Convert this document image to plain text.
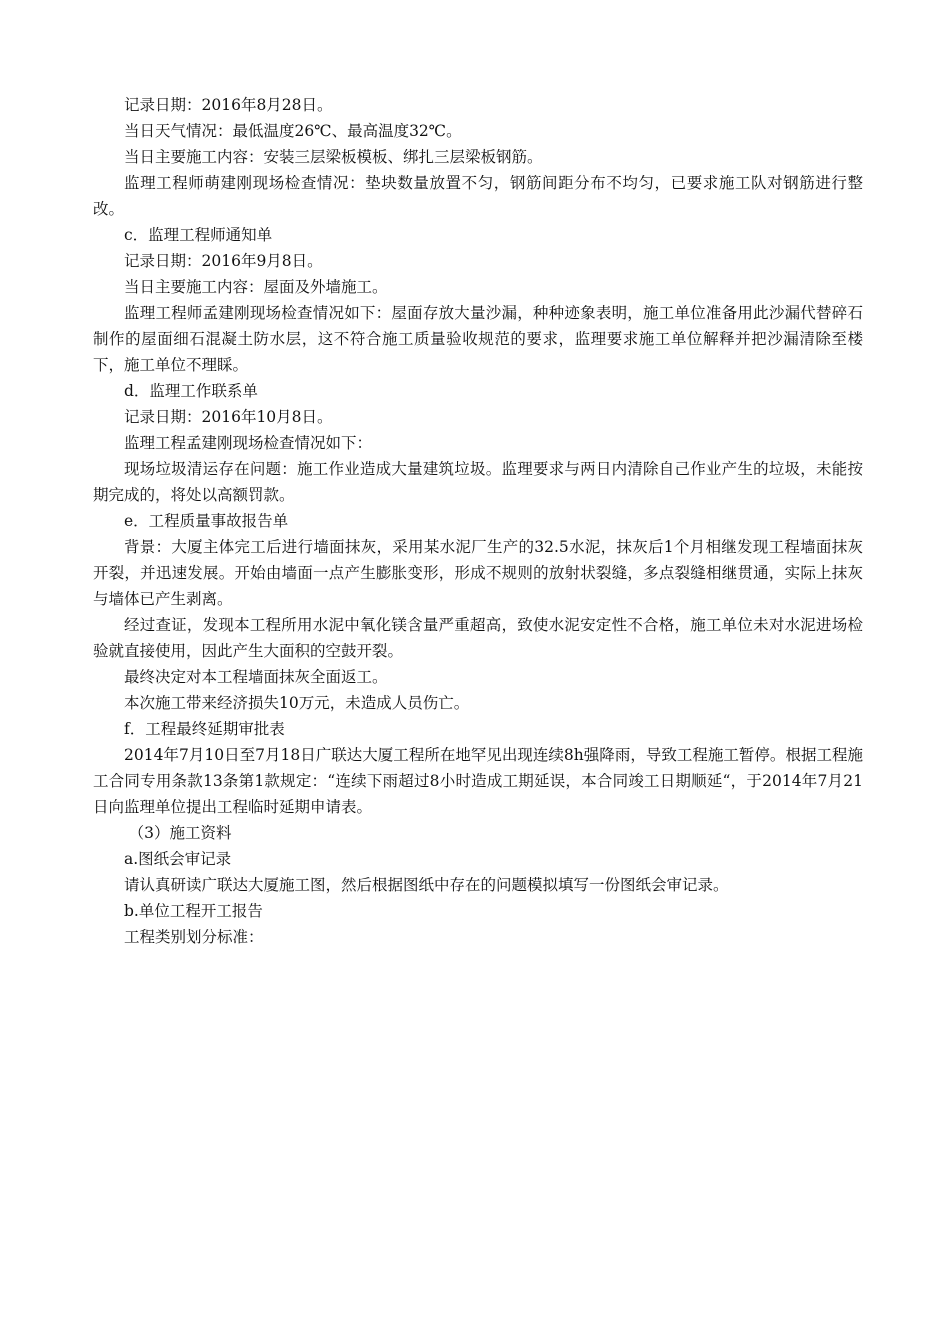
记录日期：2016年8月28日。

当日天气情况：最低温度26℃、最高温度32℃。

当日主要施工内容：安装三层梁板模板、绑扎三层梁板钢筋。

监理工程师萌建刚现场检查情况：垫块数量放置不匀，钢筋间距分布不均匀，已要求施工队对钢筋进行整改。

c．监理工程师通知单

记录日期：2016年9月8日。

当日主要施工内容：屋面及外墙施工。

监理工程师孟建刚现场检查情况如下：屋面存放大量沙漏，种种迹象表明，施工单位准备用此沙漏代替碎石制作的屋面细石混凝土防水层，这不符合施工质量验收规范的要求，监理要求施工单位解释并把沙漏清除至楼下，施工单位不理睬。

d．监理工作联系单

记录日期：2016年10月8日。

监理工程孟建刚现场检查情况如下：

现场垃圾清运存在问题：施工作业造成大量建筑垃圾。监理要求与两日内清除自己作业产生的垃圾，未能按期完成的，将处以高额罚款。

e．工程质量事故报告单

背景：大厦主体完工后进行墙面抹灰，采用某水泥厂生产的32.5水泥，抹灰后1个月相继发现工程墙面抹灰开裂，并迅速发展。开始由墙面一点产生膨胀变形，形成不规则的放射状裂缝，多点裂缝相继贯通，实际上抹灰与墙体已产生剥离。

经过查证，发现本工程所用水泥中氧化镁含量严重超高，致使水泥安定性不合格，施工单位未对水泥进场检验就直接使用，因此产生大面积的空鼓开裂。

最终决定对本工程墙面抹灰全面返工。

本次施工带来经济损失10万元，未造成人员伤亡。

f．工程最终延期审批表

2014年7月10日至7月18日广联达大厦工程所在地罕见出现连续8h强降雨，导致工程施工暂停。根据工程施工合同专用条款13条第1款规定：“连续下雨超过8小时造成工期延误，本合同竣工日期顺延“，于2014年7月21日向监理单位提出工程临时延期申请表。

（3）施工资料

a.图纸会审记录

请认真研读广联达大厦施工图，然后根据图纸中存在的问题模拟填写一份图纸会审记录。

b.单位工程开工报告

工程类别划分标准：
